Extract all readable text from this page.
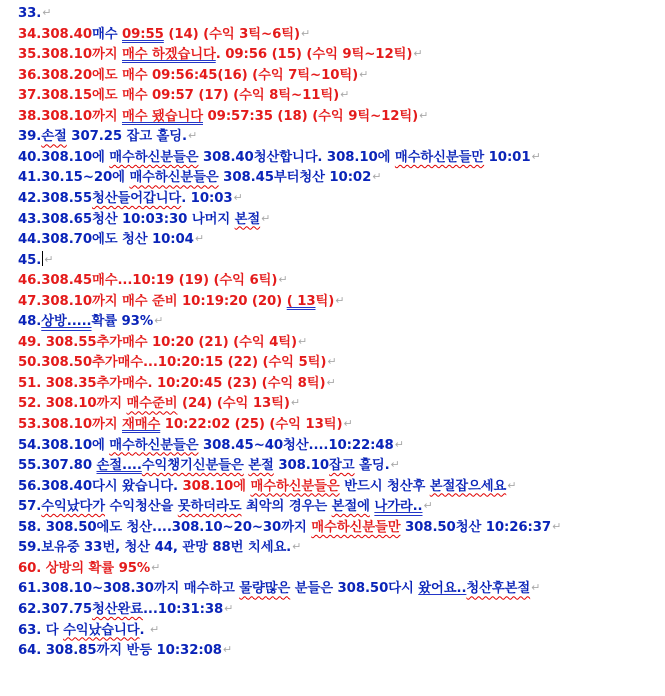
33.↵
34.308.40매수 09:55 (14) (수익 3틱~6틱)↵
35.308.10까지 매수 하겠습니다. 09:56 (15) (수익 9틱~12틱)↵
36.308.20에도 매수 09:56:45(16) (수익 7틱~10틱)↵
37.308.15에도 매수 09:57 (17) (수익 8틱~11틱)↵
38.308.10까지 매수 됐습니다 09:57:35 (18) (수익 9틱~12틱)↵
39.손절 307.25 잡고 홀딩.↵
40.308.10에 매수하신분들은 308.40청산합니다. 308.10에 매수하신분들만 10:01↵
41.30.15~20에 매수하신분들은 308.45부터청산 10:02↵
42.308.55청산들어갑니다. 10:03↵
43.308.65청산 10:03:30 나머지 본절↵
44.308.70에도 청산 10:04↵
45. ↵
46.308.45매수...10:19 (19) (수익 6틱)↵
47.308.10까지 매수 준비 10:19:20 (20) ( 13틱)↵
48.상방.....확률 93%↵
49. 308.55추가매수 10:20 (21) (수익 4틱)↵
50.308.50추가매수...10:20:15 (22) (수익 5틱)↵
51. 308.35추가매수. 10:20:45 (23) (수익 8틱)↵
52. 308.10까지 매수준비 (24) (수익 13틱)↵
53.308.10까지 재매수 10:22:02 (25) (수익 13틱)↵
54.308.10에 매수하신분들은 308.45~40청산....10:22:48↵
55.307.80 손절....수익챙기신분들은 본절 308.10잡고 홀딩.↵
56.308.40다시 왔습니다. 308.10에 매수하신분들은 반드시 청산후 본절잡으세요↵
57.수익났다가 수익청산을 못하더라도 최악의 경우는 본절에 나가라..↵
58. 308.50에도 청산....308.10~20~30까지 매수하신분들만 308.50청산 10:26:37↵
59.보유중 33번, 청산 44, 관망 88번 치세요.↵
60. 상방의 확률 95%↵
61.308.10~308.30까지 매수하고 물량많은 분들은 308.50다시 왔어요..청산후본절↵
62.307.75청산완료...10:31:38↵
63. 다 수익났습니다. ↵
64. 308.85까지 반등 10:32:08↵
